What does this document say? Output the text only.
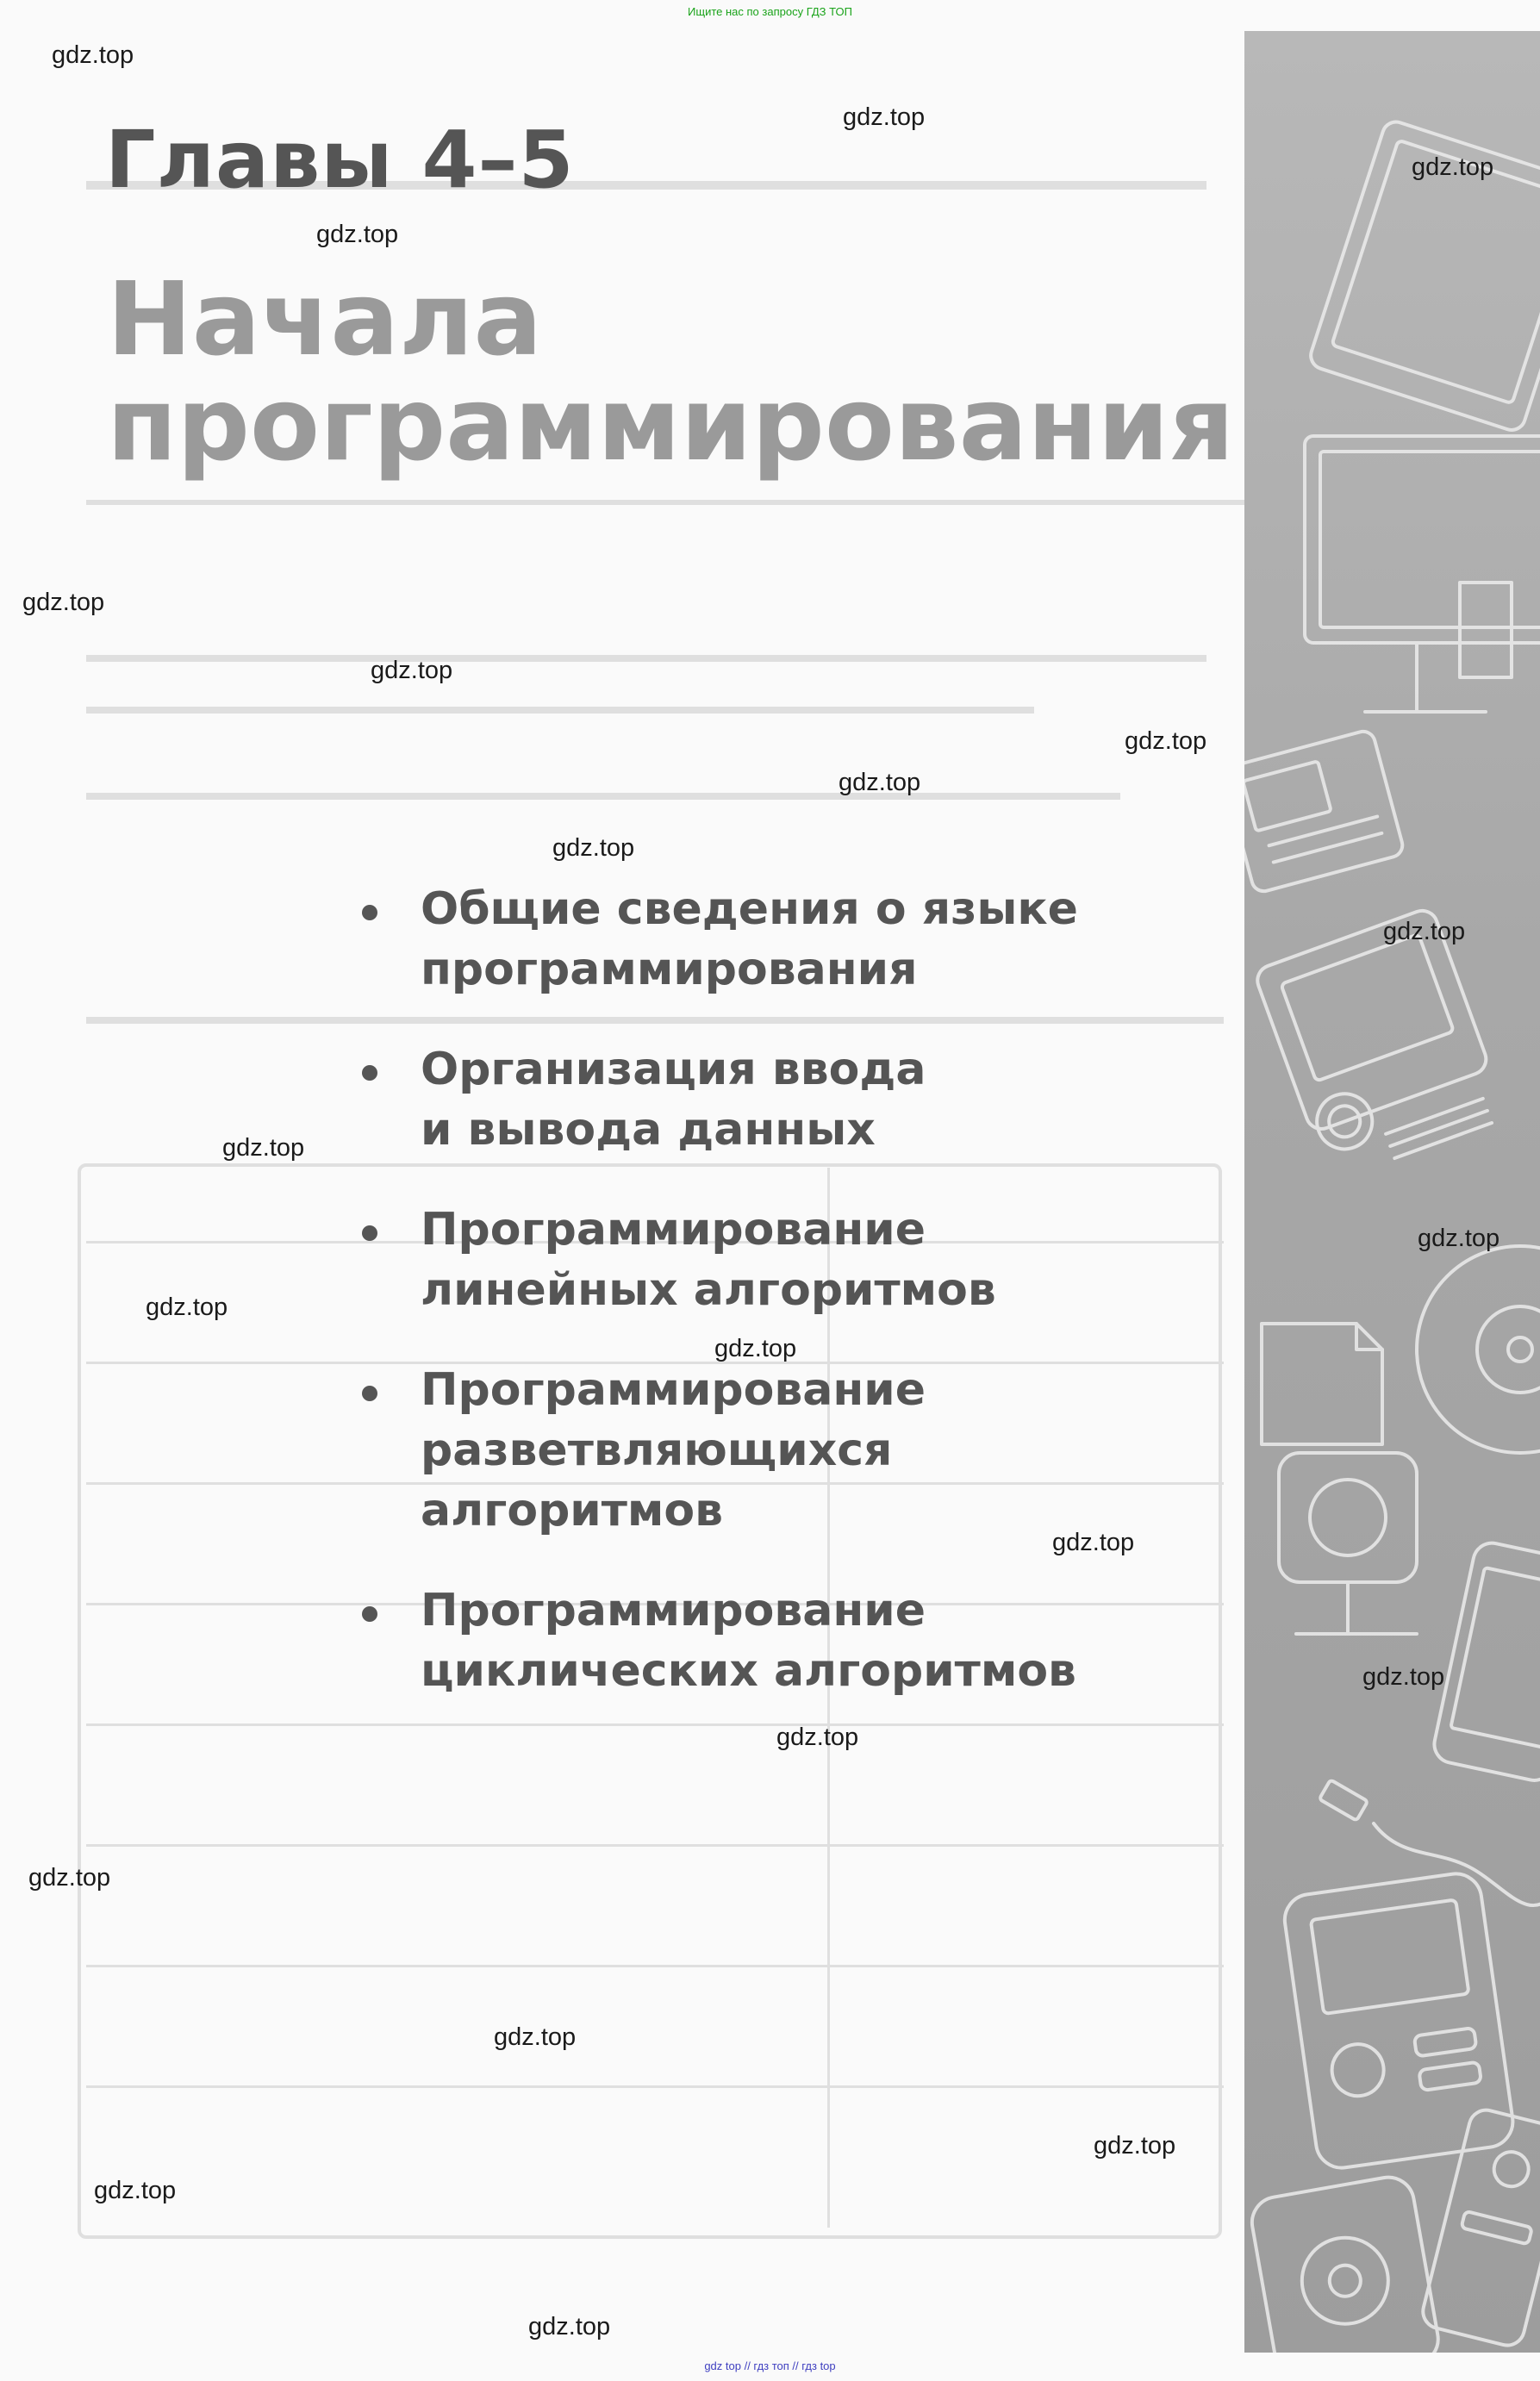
Ищите нас по запросу ГДЗ ТОП
Главы 4–5
Начала
программирования
Общие сведения о языке
программирования
Организация ввода
и вывода данных
Программирование
линейных алгоритмов
Программирование
разветвляющихся
алгоритмов
Программирование
циклических алгоритмов
gdz.top
gdz.top
gdz.top
gdz.top
gdz.top
gdz.top
gdz.top
gdz.top
gdz.top
gdz.top
gdz.top
gdz.top
gdz.top
gdz.top
gdz.top
gdz.top
gdz.top
gdz.top
gdz.top
gdz.top
gdz.top
gdz.top
gdz top // гдз топ // гдз top
